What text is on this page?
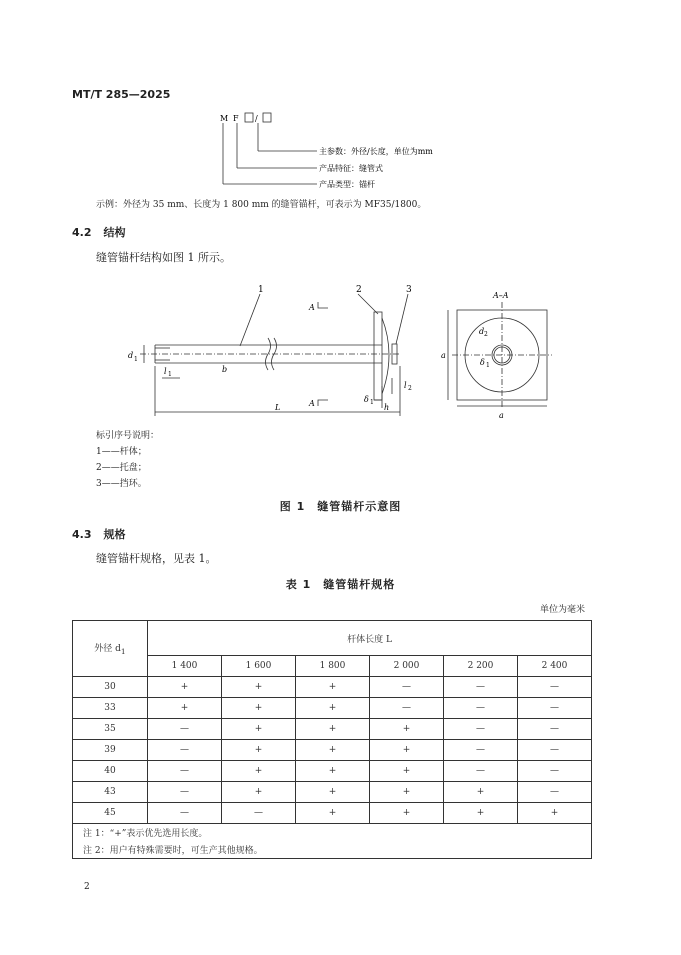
MT/T 285—2025
M F /
主参数：外径/长度，单位为mm
产品特征：缝管式
产品类型：锚杆
示例：外径为 35 mm、长度为 1 800 mm 的缝管锚杆，可表示为 MF35/1800。
4.2 结构
缝管锚杆结构如图 1 所示。
1	2	3
A
A
A–A
d 1
l 1
b
δ 1
l 2
h
L
d 2
δ 1
a
a
标引序号说明：
1——杆体；
2——托盘；
3——挡环。
图 1　缝管锚杆示意图
4.3 规格
缝管锚杆规格，见表 1。
表 1　缝管锚杆规格
单位为毫米
外径 $d_1$	杆体长度 L					
	1 400	1 600	1 800	2 000	2 200	2 400
30	+	+	+	—	—	—
33	+	+	+	—	—	—
35	—	+	+	+	—	—
39	—	+	+	+	—	—
40	—	+	+	+	—	—
43	—	+	+	+	+	—
45	—	—	+	+	+	+
注 1：“+”表示优先选用长度。						
注 2：用户有特殊需要时，可生产其他规格。						
2
